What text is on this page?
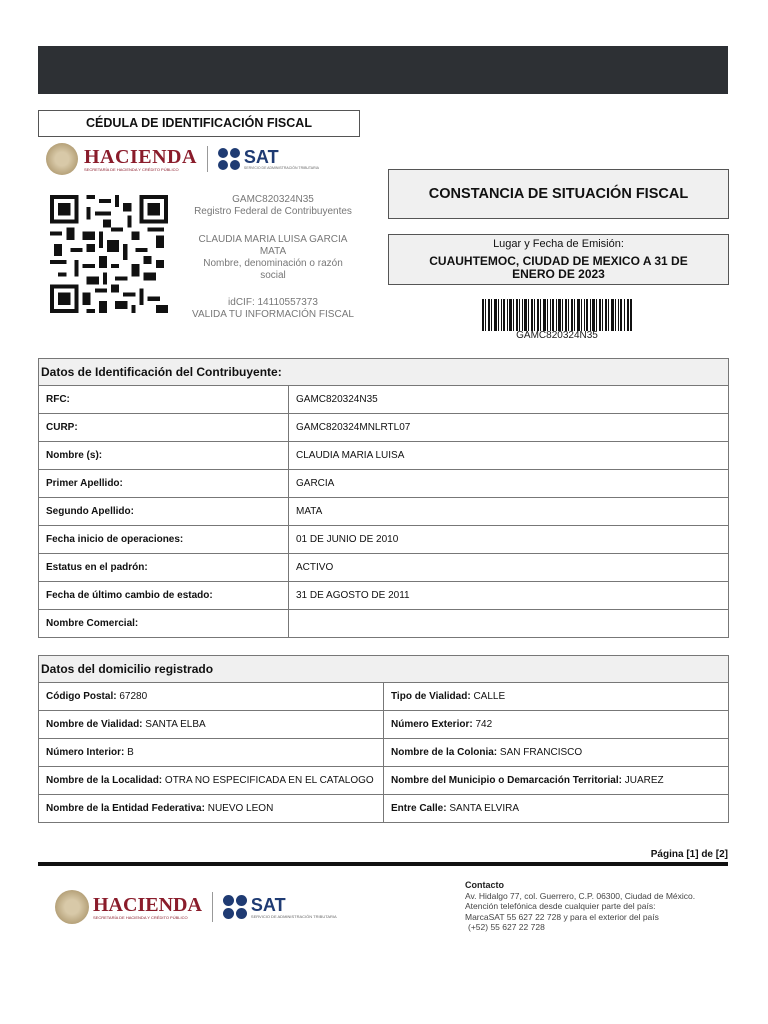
CÉDULA DE IDENTIFICACIÓN FISCAL
HACIENDA
SECRETARÍA DE HACIENDA Y CRÉDITO PÚBLICO
SAT
SERVICIO DE ADMINISTRACIÓN TRIBUTARIA
GAMC820324N35
Registro Federal de Contribuyentes
CLAUDIA MARIA LUISA GARCIA MATA
Nombre, denominación o razón social
idCIF: 14110557373
VALIDA TU INFORMACIÓN FISCAL
CONSTANCIA DE SITUACIÓN FISCAL
Lugar y Fecha de Emisión:
CUAUHTEMOC, CIUDAD DE MEXICO A 31 DE ENERO DE 2023
GAMC820324N35
Datos de Identificación del Contribuyente:	
RFC:	GAMC820324N35
CURP:	GAMC820324MNLRTL07
Nombre (s):	CLAUDIA MARIA LUISA
Primer Apellido:	GARCIA
Segundo Apellido:	MATA
Fecha inicio de operaciones:	01 DE JUNIO DE 2010
Estatus en el padrón:	ACTIVO
Fecha de último cambio de estado:	31 DE AGOSTO DE 2011
Nombre Comercial:	
Datos del domicilio registrado	
Código Postal: 67280	Tipo de Vialidad: CALLE
Nombre de Vialidad: SANTA ELBA	Número Exterior: 742
Número Interior: B	Nombre de la Colonia: SAN FRANCISCO
Nombre de la Localidad: OTRA NO ESPECIFICADA EN EL CATALOGO	Nombre del Municipio o Demarcación Territorial: JUAREZ
Nombre de la Entidad Federativa: NUEVO LEON	Entre Calle: SANTA ELVIRA
Página [1] de [2]
HACIENDA
SECRETARÍA DE HACIENDA Y CRÉDITO PÚBLICO
SAT
SERVICIO DE ADMINISTRACIÓN TRIBUTARIA
Contacto
Av. Hidalgo 77, col. Guerrero, C.P. 06300, Ciudad de México.
Atención telefónica desde cualquier parte del país:
MarcaSAT 55 627 22 728 y para el exterior del país
(+52) 55 627 22 728
